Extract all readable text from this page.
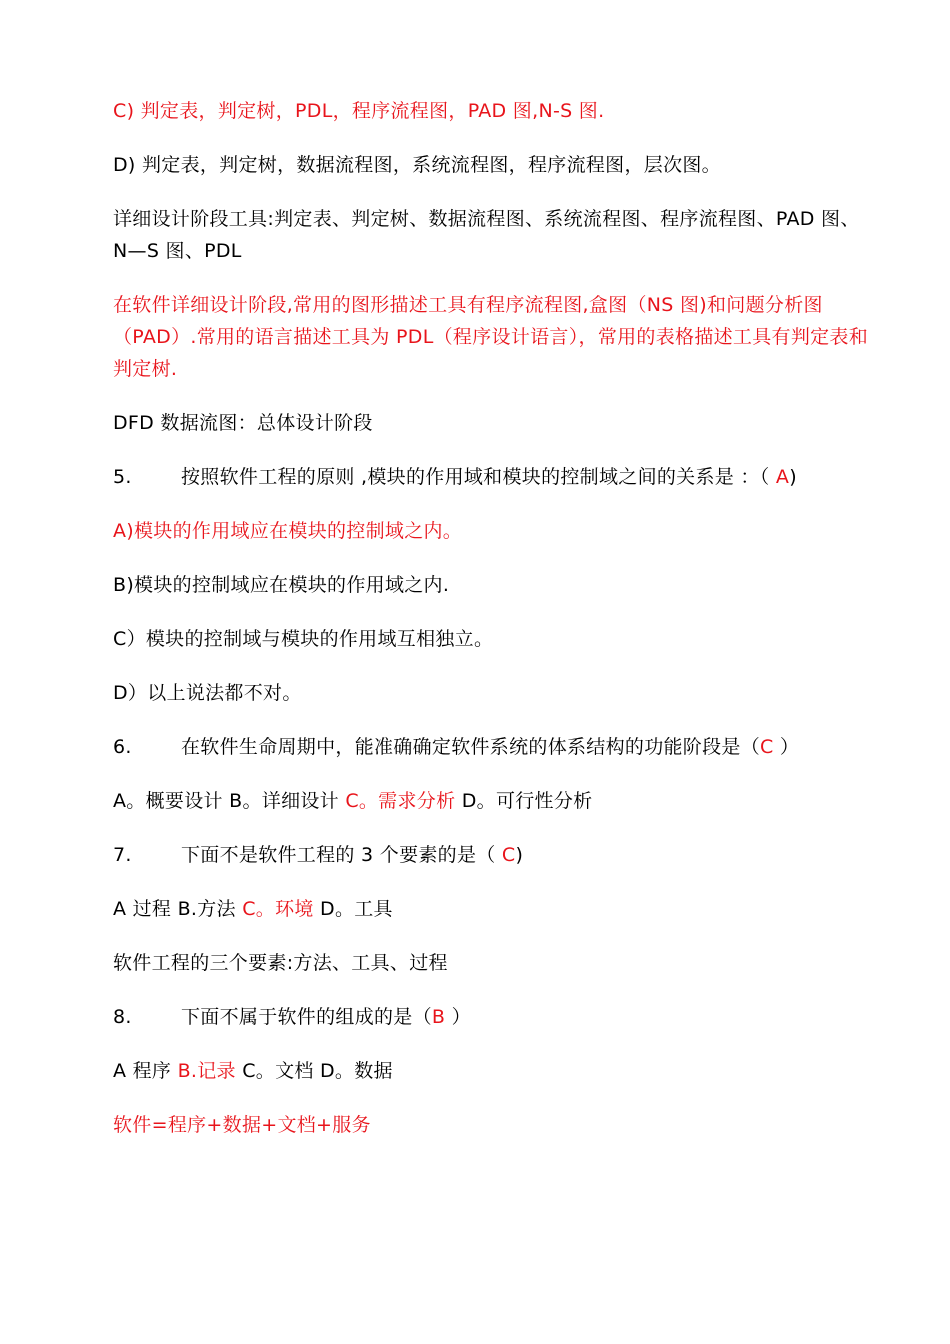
C) 判定表，判定树，PDL，程序流程图，PAD 图,N-S 图.

D) 判定表，判定树，数据流程图，系统流程图，程序流程图，层次图。

详细设计阶段工具:判定表、判定树、数据流程图、系统流程图、程序流程图、PAD 图、N—S 图、PDL

在软件详细设计阶段,常用的图形描述工具有程序流程图,盒图（NS 图)和问题分析图（PAD）.常用的语言描述工具为 PDL（程序设计语言），常用的表格描述工具有判定表和判定树.

DFD 数据流图：总体设计阶段

5.	按照软件工程的原则 ,模块的作用域和模块的控制域之间的关系是 ：（ A)

A)模块的作用域应在模块的控制域之内。

B)模块的控制域应在模块的作用域之内.

C）模块的控制域与模块的作用域互相独立。

D）以上说法都不对。

6.	在软件生命周期中，能准确确定软件系统的体系结构的功能阶段是（C ）

A。概要设计 B。详细设计 C。需求分析 D。可行性分析

7.	下面不是软件工程的 3 个要素的是（ C)

A 过程 B.方法 C。环境 D。工具

软件工程的三个要素:方法、工具、过程

8.	下面不属于软件的组成的是（B ）

A 程序 B.记录 C。文档 D。数据

软件=程序+数据+文档+服务
